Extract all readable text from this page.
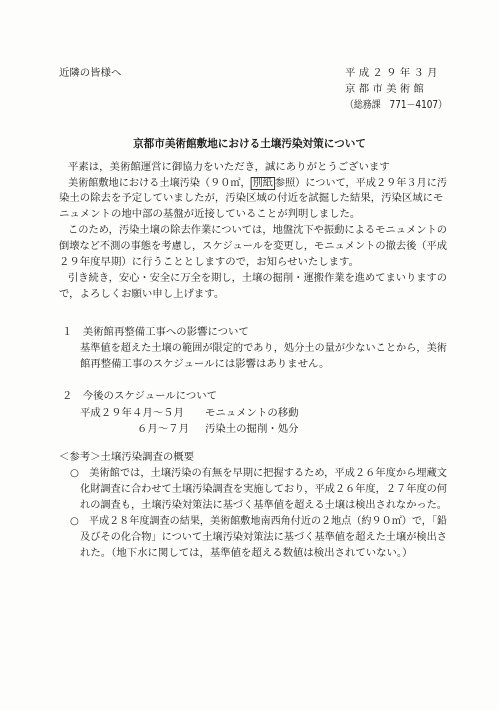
近隣の皆様へ	平 成 ２ ９ 年 ３ 月
京 都 市 美 術 館
（総務課　771－4107）
京都市美術館敷地における土壌汚染対策について
平素は，美術館運営に御協力をいただき，誠にありがとうございます
美術館敷地における土壌汚染（９０㎡， 別紙 参照）について，平成２９年３月に汚
染土の除去を予定していましたが，汚染区域の付近を試掘した結果，汚染区域にモ
ニュメントの地中部の基盤が近接していることが判明しました。
このため，汚染土壌の除去作業については，地盤沈下や振動によるモニュメントの
倒壊など不測の事態を考慮し，スケジュールを変更し，モニュメントの撤去後（平成
２９年度早期）に行うこととしますので，お知らせいたします。
引き続き，安心・安全に万全を期し，土壌の掘削・運搬作業を進めてまいりますの
で，よろしくお願い申し上げます。
１　美術館再整備工事への影響について
基準値を超えた土壌の範囲が限定的であり，処分土の量が少ないことから，美術
館再整備工事のスケジュールには影響はありません。
２　今後のスケジュールについて
平成２９年４月～５月 モニュメントの移動
６月～７月 汚染土の掘削・処分
＜参考＞土壌汚染調査の概要
○　美術館では，土壌汚染の有無を早期に把握するため，平成２６年度から埋蔵文
化財調査に合わせて土壌汚染調査を実施しており，平成２６年度，２７年度の何
れの調査も，土壌汚染対策法に基づく基準値を超える土壌は検出されなかった。
○　平成２８年度調査の結果，美術館敷地南西角付近の２地点（約９０㎡）で，「鉛
及びその化合物」について土壌汚染対策法に基づく基準値を超えた土壌が検出さ
れた。（地下水に関しては，基準値を超える数値は検出されていない。）
